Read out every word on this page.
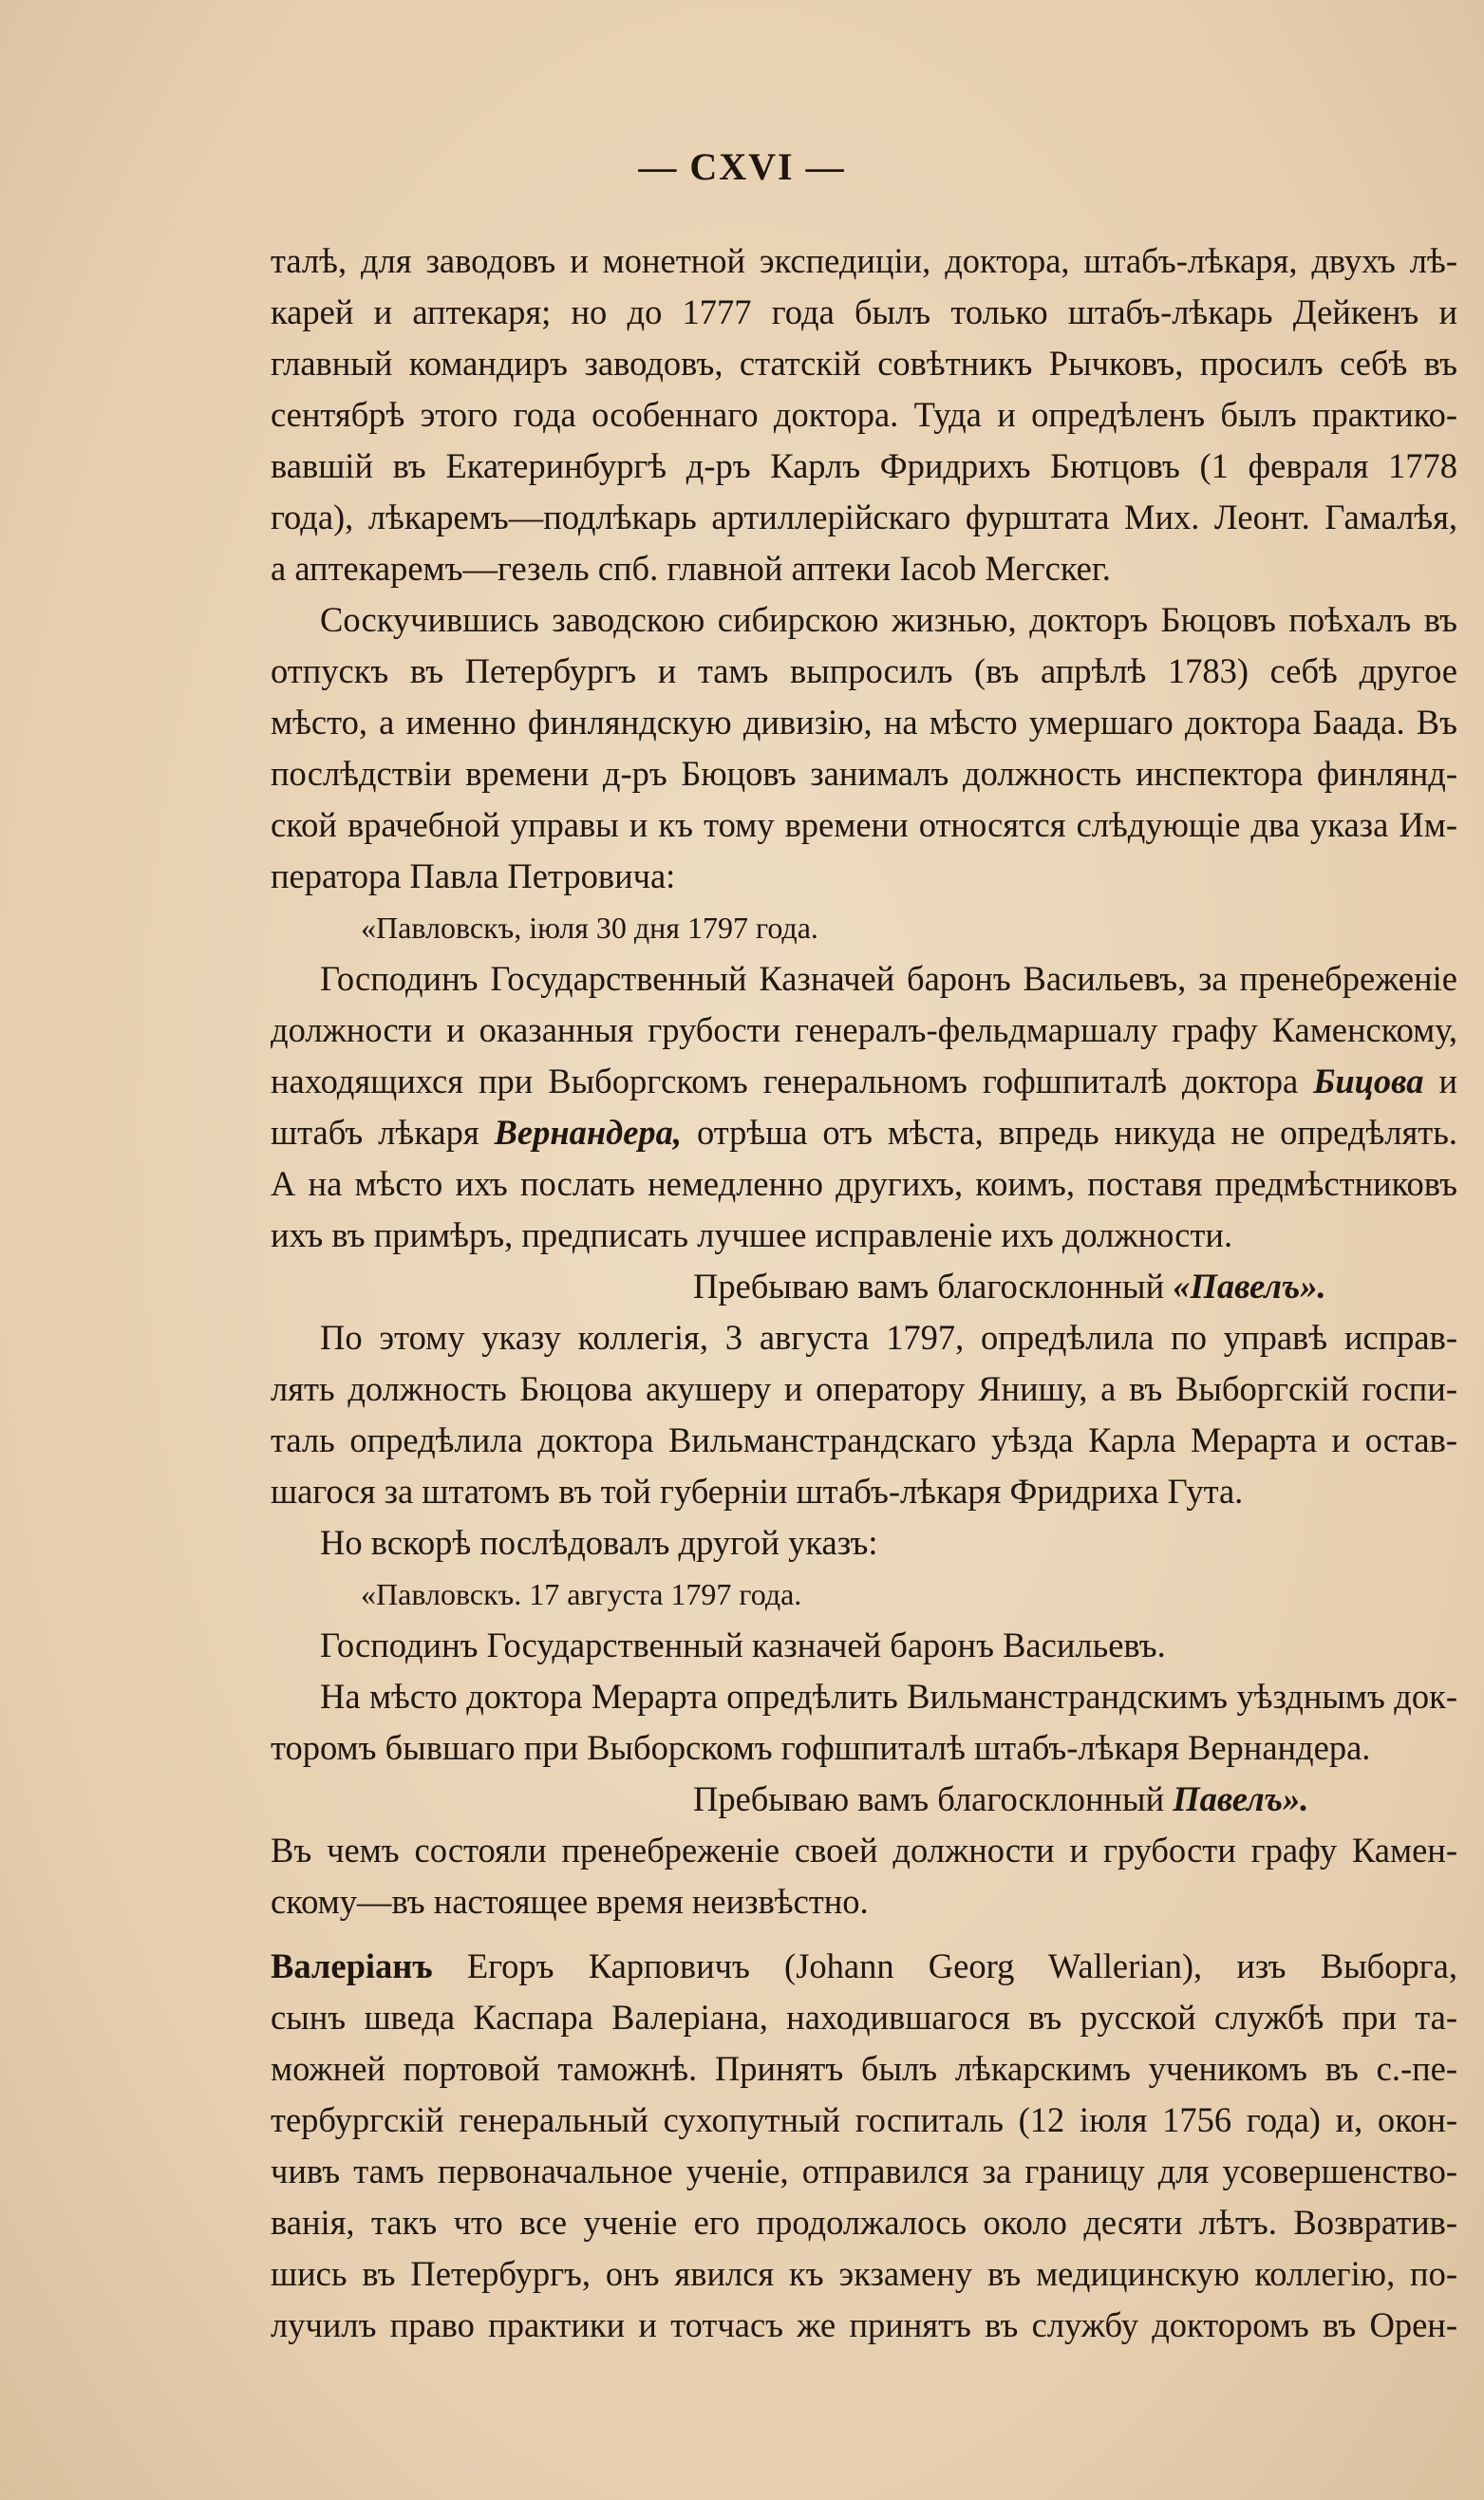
— CXVI —
талѣ, для заводовъ и монетной экспедиціи, доктора, штабъ-лѣкаря, двухъ лѣ-
карей и аптекаря; но до 1777 года былъ только штабъ-лѣкарь Дейкенъ и
главный командиръ заводовъ, статскій совѣтникъ Рычковъ, просилъ себѣ въ
сентябрѣ этого года особеннаго доктора. Туда и опредѣленъ былъ практико-
вавшій въ Екатеринбургѣ д-ръ Карлъ Фридрихъ Бютцовъ (1 февраля 1778
года), лѣкаремъ—подлѣкарь артиллерійскаго фурштата Мих. Леонт. Гамалѣя,
а аптекаремъ—гезель спб. главной аптеки Іасоb Мегскег.
Соскучившись заводскою сибирскою жизнью, докторъ Бюцовъ поѣхалъ въ
отпускъ въ Петербургъ и тамъ выпросилъ (въ апрѣлѣ 1783) себѣ другое
мѣсто, а именно финляндскую дивизію, на мѣсто умершаго доктора Баада. Въ
послѣдствіи времени д-ръ Бюцовъ занималъ должность инспектора финлянд-
ской врачебной управы и къ тому времени относятся слѣдующіе два указа Им-
ператора Павла Петровича:
«Павловскъ, іюля 30 дня 1797 года.
Господинъ Государственный Казначей баронъ Васильевъ, за пренебреженіе
должности и оказанныя грубости генералъ-фельдмаршалу графу Каменскому,
находящихся при Выборгскомъ генеральномъ гофшпиталѣ доктора Бицова и
штабъ лѣкаря Вернандера, отрѣша отъ мѣста, впредь никуда не опредѣлять.
А на мѣсто ихъ послать немедленно другихъ, коимъ, поставя предмѣстниковъ
ихъ въ примѣръ, предписать лучшее исправленіе ихъ должности.
Пребываю вамъ благосклонный «Павелъ».
По этому указу коллегія, 3 августа 1797, опредѣлила по управѣ исправ-
лять должность Бюцова акушеру и оператору Янишу, а въ Выборгскій госпи-
таль опредѣлила доктора Вильманстрандскаго уѣзда Карла Мерарта и остав-
шагося за штатомъ въ той губерніи штабъ-лѣкаря Фридриха Гута.
Но вскорѣ послѣдовалъ другой указъ:
«Павловскъ. 17 августа 1797 года.
Господинъ Государственный казначей баронъ Васильевъ.
На мѣсто доктора Мерарта опредѣлить Вильманстрандскимъ уѣзднымъ док-
торомъ бывшаго при Выборскомъ гофшпиталѣ штабъ-лѣкаря Вернандера.
Пребываю вамъ благосклонный Павелъ».
Въ чемъ состояли пренебреженіе своей должности и грубости графу Камен-
скому—въ настоящее время неизвѣстно.
Валеріанъ Егоръ Карповичъ (Johann Georg Wallerian), изъ Выборга,
сынъ шведа Каспара Валеріана, находившагося въ русской службѣ при та-
можней портовой таможнѣ. Принятъ былъ лѣкарскимъ ученикомъ въ с.-пе-
тербургскій генеральный сухопутный госпиталь (12 іюля 1756 года) и, окон-
чивъ тамъ первоначальное ученіе, отправился за границу для усовершенство-
ванія, такъ что все ученіе его продолжалось около десяти лѣтъ. Возвратив-
шись въ Петербургъ, онъ явился къ экзамену въ медицинскую коллегію, по-
лучилъ право практики и тотчасъ же принятъ въ службу докторомъ въ Орен-
